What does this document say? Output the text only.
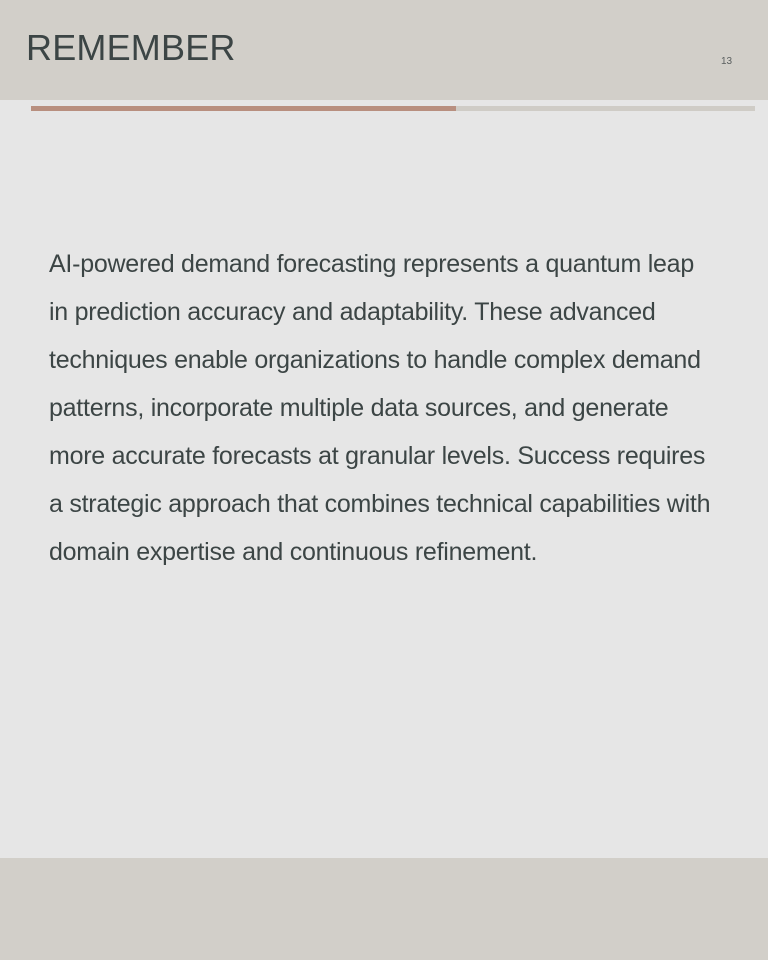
REMEMBER	13

AI-powered demand forecasting represents a quantum leap in prediction accuracy and adaptability. These advanced techniques enable organizations to handle complex demand patterns, incorporate multiple data sources, and generate more accurate forecasts at granular levels. Success requires a strategic approach that combines technical capabilities with domain expertise and continuous refinement.
